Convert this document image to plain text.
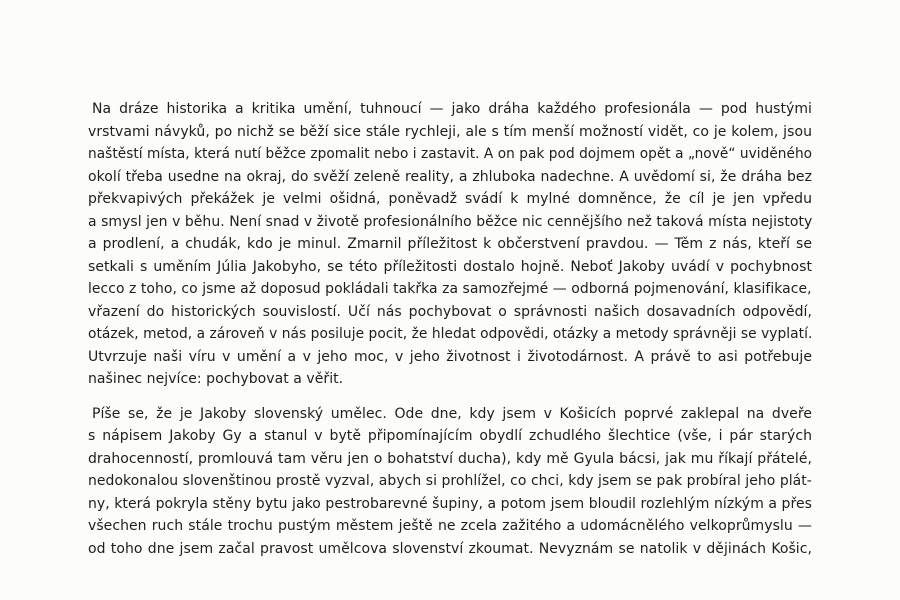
Na dráze historika a kritika umění, tuhnoucí — jako dráha každého profesionála — pod hustými
vrstvami návyků, po nichž se běží sice stále rychleji, ale s tím menší možností vidět, co je kolem, jsou
naštěstí místa, která nutí běžce zpomalit nebo i zastavit. A on pak pod dojmem opět a „nově“ uviděného
okolí třeba usedne na okraj, do svěží zeleně reality, a zhluboka nadechne. A uvědomí si, že dráha bez
překvapivých překážek je velmi ošidná, poněvadž svádí k mylné domněnce, že cíl je jen vpředu
a smysl jen v běhu. Není snad v životě profesionálního běžce nic cennějšího než taková místa nejistoty
a prodlení, a chudák, kdo je minul. Zmarnil příležitost k občerstvení pravdou. — Těm z nás, kteří se
setkali s uměním Júlia Jakobyho, se této příležitosti dostalo hojně. Neboť Jakoby uvádí v pochybnost
lecco z toho, co jsme až doposud pokládali takřka za samozřejmé — odborná pojmenování, klasifikace,
vřazení do historických souvislostí. Učí nás pochybovat o správnosti našich dosavadních odpovědí,
otázek, metod, a zároveň v nás posiluje pocit, že hledat odpovědi, otázky a metody správněji se vyplatí.
Utvrzuje naši víru v umění a v jeho moc, v jeho životnost i životodárnost. A právě to asi potřebuje
našinec nejvíce: pochybovat a věřit.
Píše se, že je Jakoby slovenský umělec. Ode dne, kdy jsem v Košicích poprvé zaklepal na dveře
s nápisem Jakoby Gy a stanul v bytě připomínajícím obydlí zchudlého šlechtice (vše, i pár starých
drahocenností, promlouvá tam věru jen o bohatství ducha), kdy mě Gyula bácsi, jak mu říkají přátelé,
nedokonalou slovenštinou prostě vyzval, abych si prohlížel, co chci, kdy jsem se pak probíral jeho plát-
ny, která pokryla stěny bytu jako pestrobarevné šupiny, a potom jsem bloudil rozlehlým nízkým a přes
všechen ruch stále trochu pustým městem ještě ne zcela zažitého a udomácnělého velkoprůmyslu —
od toho dne jsem začal pravost umělcova slovenství zkoumat. Nevyznám se natolik v dějinách Košic,
